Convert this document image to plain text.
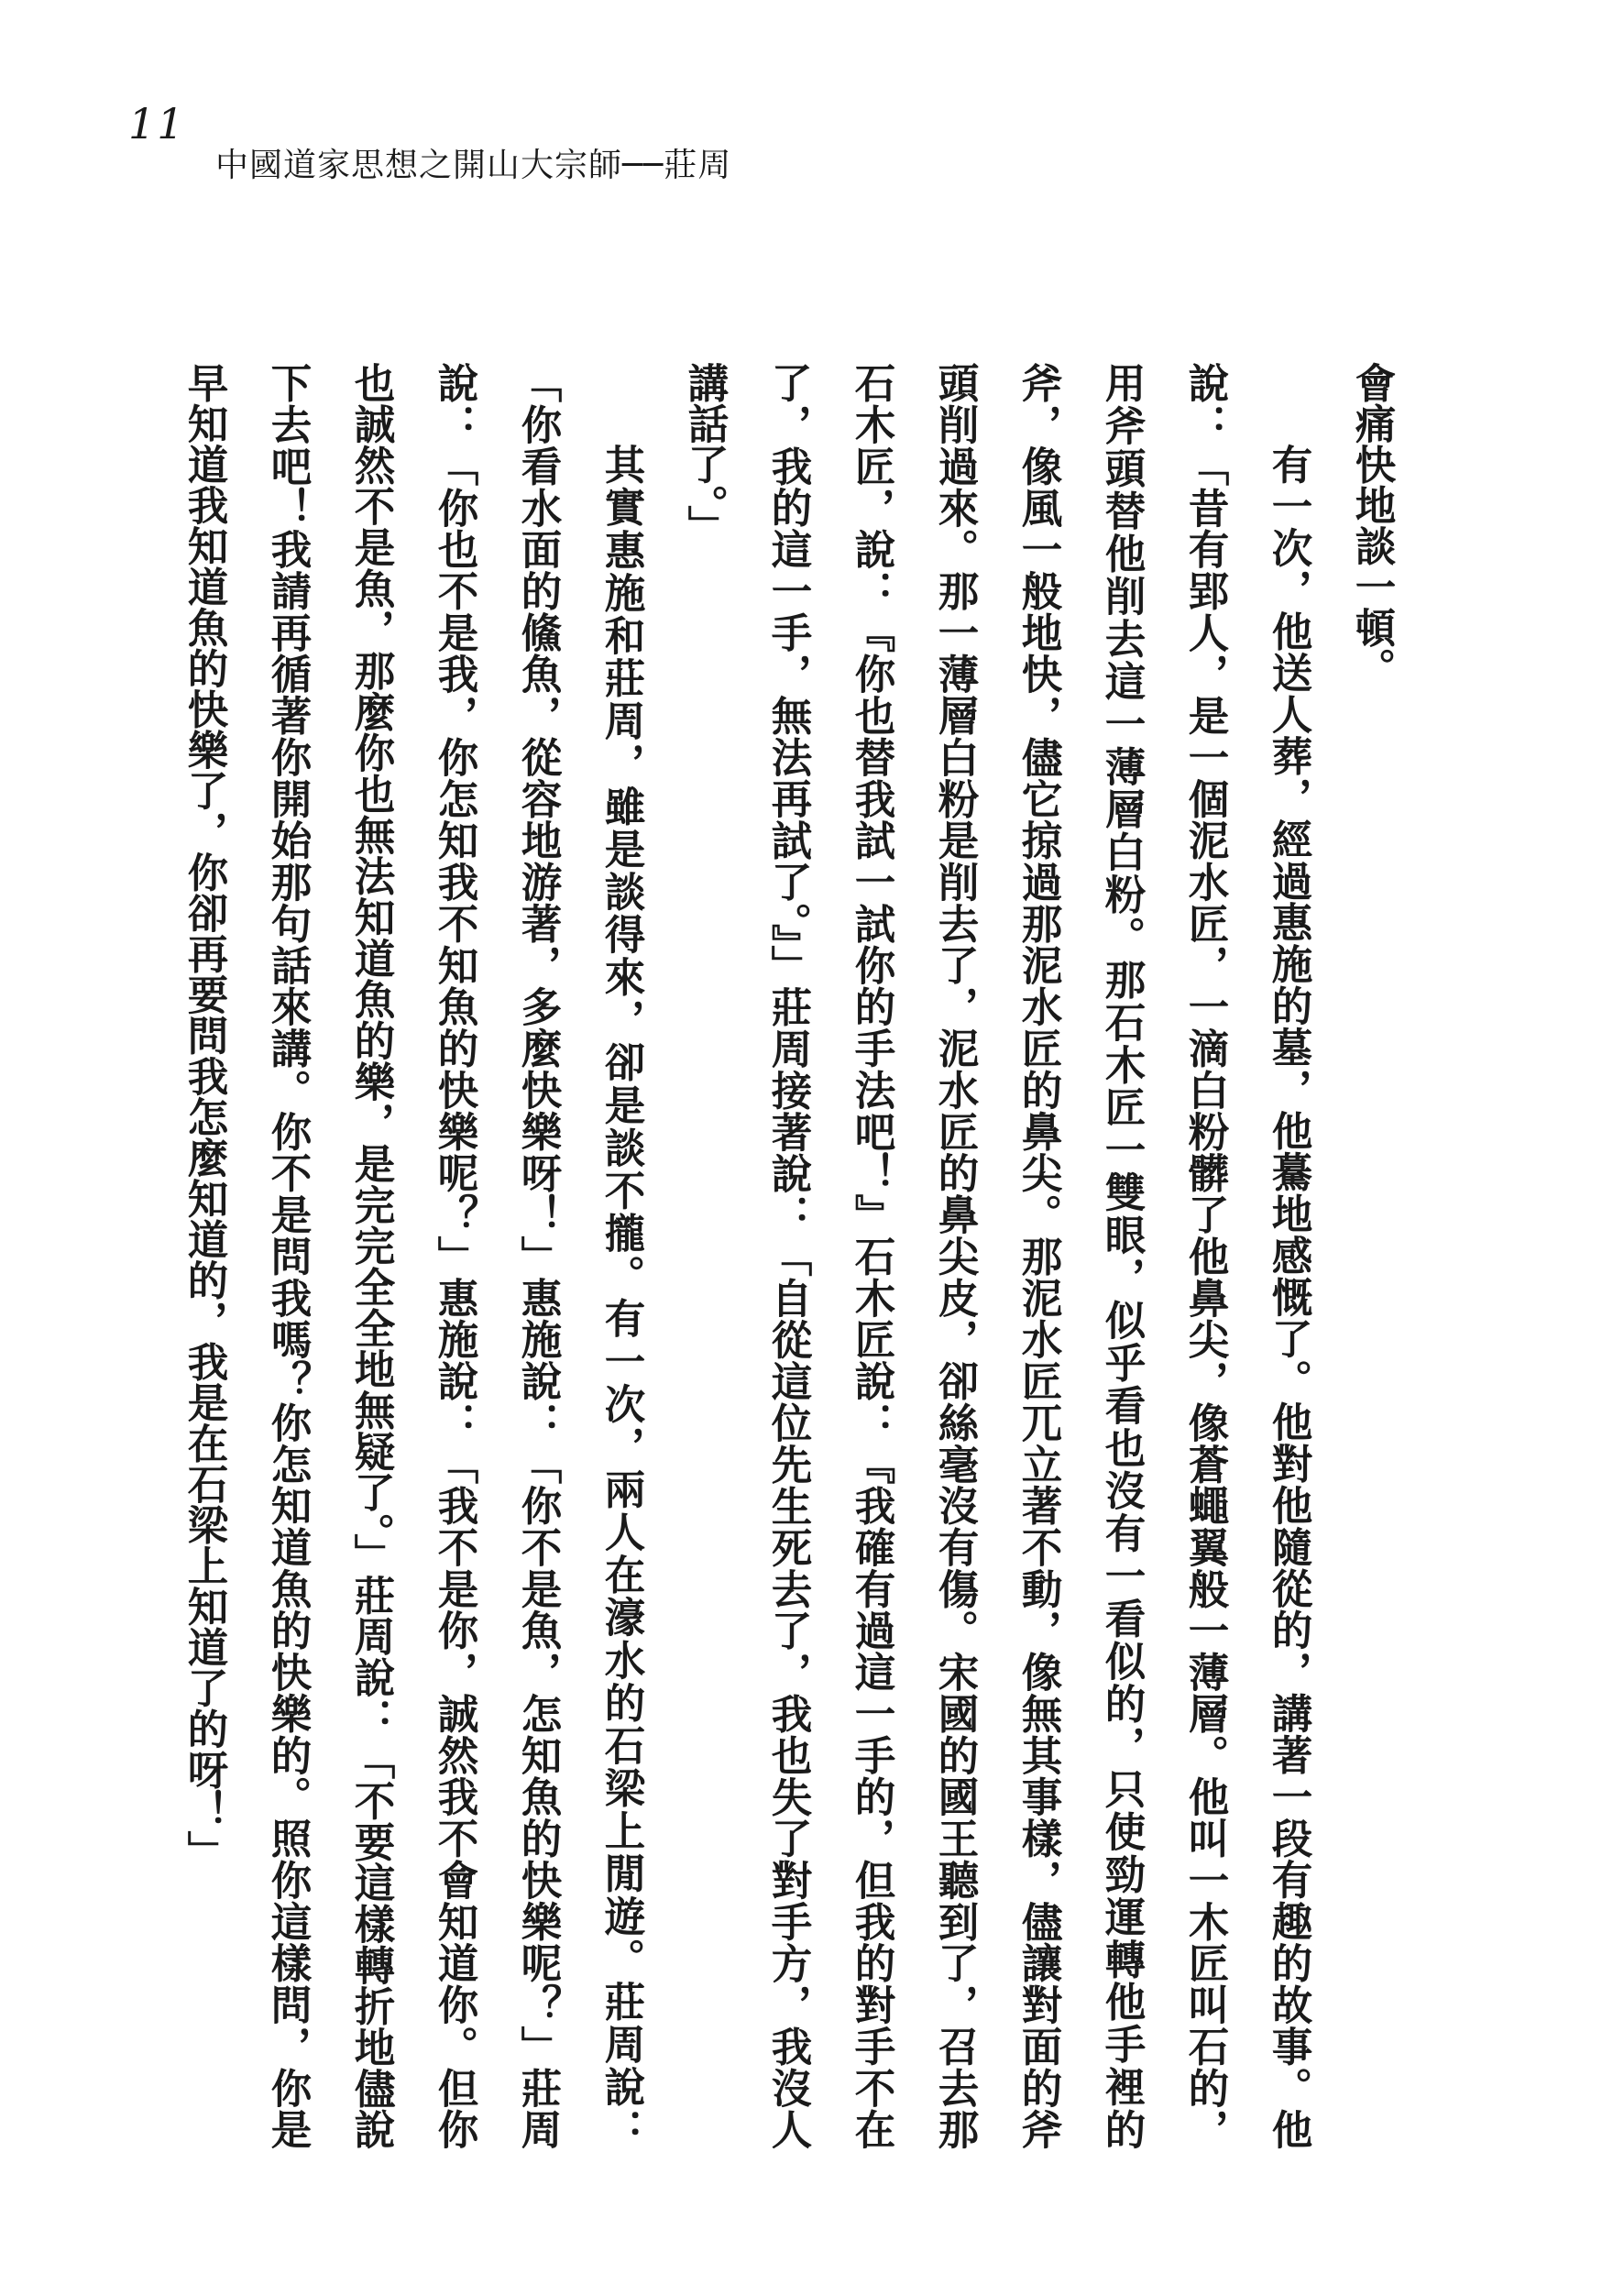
11
中國道家思想之開山大宗師──莊周

會痛快地談一頓。

有一次，他送人葬，經過惠施的墓，他驀地感慨了。他對他隨從的，講著一段有趣的故事。他說：「昔有郢人，是一個泥水匠，一滴白粉髒了他鼻尖，像蒼蠅翼般一薄層。他叫一木匠叫石的，用斧頭替他削去這一薄層白粉。那石木匠一雙眼，似乎看也沒有一看似的，只使勁運轉他手裡的斧，像風一般地快，儘它掠過那泥水匠的鼻尖。那泥水匠兀立著不動，像無其事樣，儘讓對面的斧頭削過來。那一薄層白粉是削去了，泥水匠的鼻尖皮，卻絲毫沒有傷。宋國的國王聽到了，召去那石木匠，說：『你也替我試一試你的手法吧！』石木匠說：『我確有過這一手的，但我的對手不在了，我的這一手，無法再試了。』」莊周接著說：「自從這位先生死去了，我也失了對手方，我沒人講話了。」

其實惠施和莊周，雖是談得來，卻是談不攏。有一次，兩人在濠水的石梁上閒遊。莊周說：「你看水面的鯈魚，從容地游著，多麼快樂呀！」惠施說：「你不是魚，怎知魚的快樂呢？」莊周說：「你也不是我，你怎知我不知魚的快樂呢？」惠施說：「我不是你，誠然我不會知道你。但你也誠然不是魚，那麼你也無法知道魚的樂，是完完全全地無疑了。」莊周說：「不要這樣轉折地儘說下去吧！我請再循著你開始那句話來講。你不是問我嗎？你怎知道魚的快樂的。照你這樣問，你是早知道我知道魚的快樂了，你卻再要問我怎麼知道的，我是在石梁上知道了的呀！」
